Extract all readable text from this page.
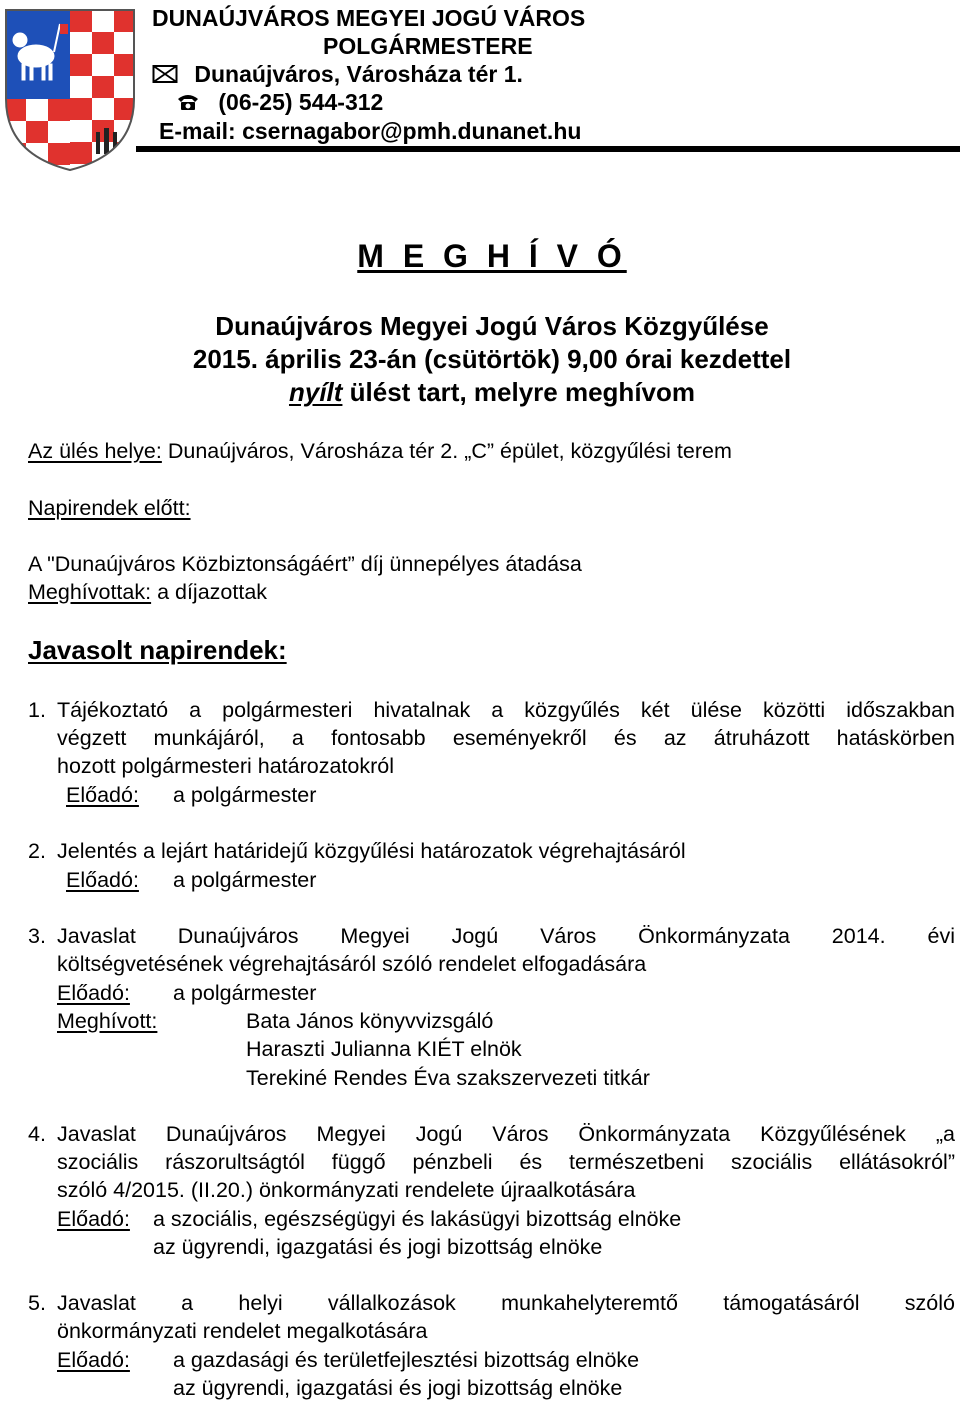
DUNAÚJVÁROS MEGYEI JOGÚ VÁROS

POLGÁRMESTERE

Dunaújváros, Városháza tér 1.

(06-25) 544-312

E-mail: csernagabor@pmh.dunanet.hu

M E G H Í V Ó
Dunaújváros Megyei Jogú Város Közgyűlése
2015. április 23-án (csütörtök) 9,00 órai kezdettel
nyílt ülést tart, melyre meghívom
Az ülés helye: Dunaújváros, Városháza tér 2. „C” épület, közgyűlési terem
Napirendek előtt:
A "Dunaújváros Közbiztonságáért” díj ünnepélyes átadása
Meghívottak: a díjazottak
Javasolt napirendek:
1. Tájékoztató a polgármesteri hivatalnak a közgyűlés két ülése közötti időszakban
végzett munkájáról, a fontosabb eseményekről és az átruházott hatáskörben
hozott polgármesteri határozatokról
Előadó: a polgármester
2. Jelentés a lejárt határidejű közgyűlési határozatok végrehajtásáról
Előadó: a polgármester
3. Javaslat Dunaújváros Megyei Jogú Város Önkormányzata 2014. évi
költségvetésének végrehajtásáról szóló rendelet elfogadására
Előadó: a polgármester
Meghívott:	Bata János könyvvizsgáló
Haraszti Julianna KIÉT elnök
Terekiné Rendes Éva szakszervezeti titkár
4. Javaslat Dunaújváros Megyei Jogú Város Önkormányzata Közgyűlésének „a
szociális rászorultságtól függő pénzbeli és természetbeni szociális ellátásokról”
szóló 4/2015. (II.20.) önkormányzati rendelete újraalkotására
Előadó: a szociális, egészségügyi és lakásügyi bizottság elnöke
az ügyrendi, igazgatási és jogi bizottság elnöke
5. Javaslat a helyi vállalkozások munkahelyteremtő támogatásáról szóló
önkormányzati rendelet megalkotására
Előadó: a gazdasági és területfejlesztési bizottság elnöke
az ügyrendi, igazgatási és jogi bizottság elnöke
